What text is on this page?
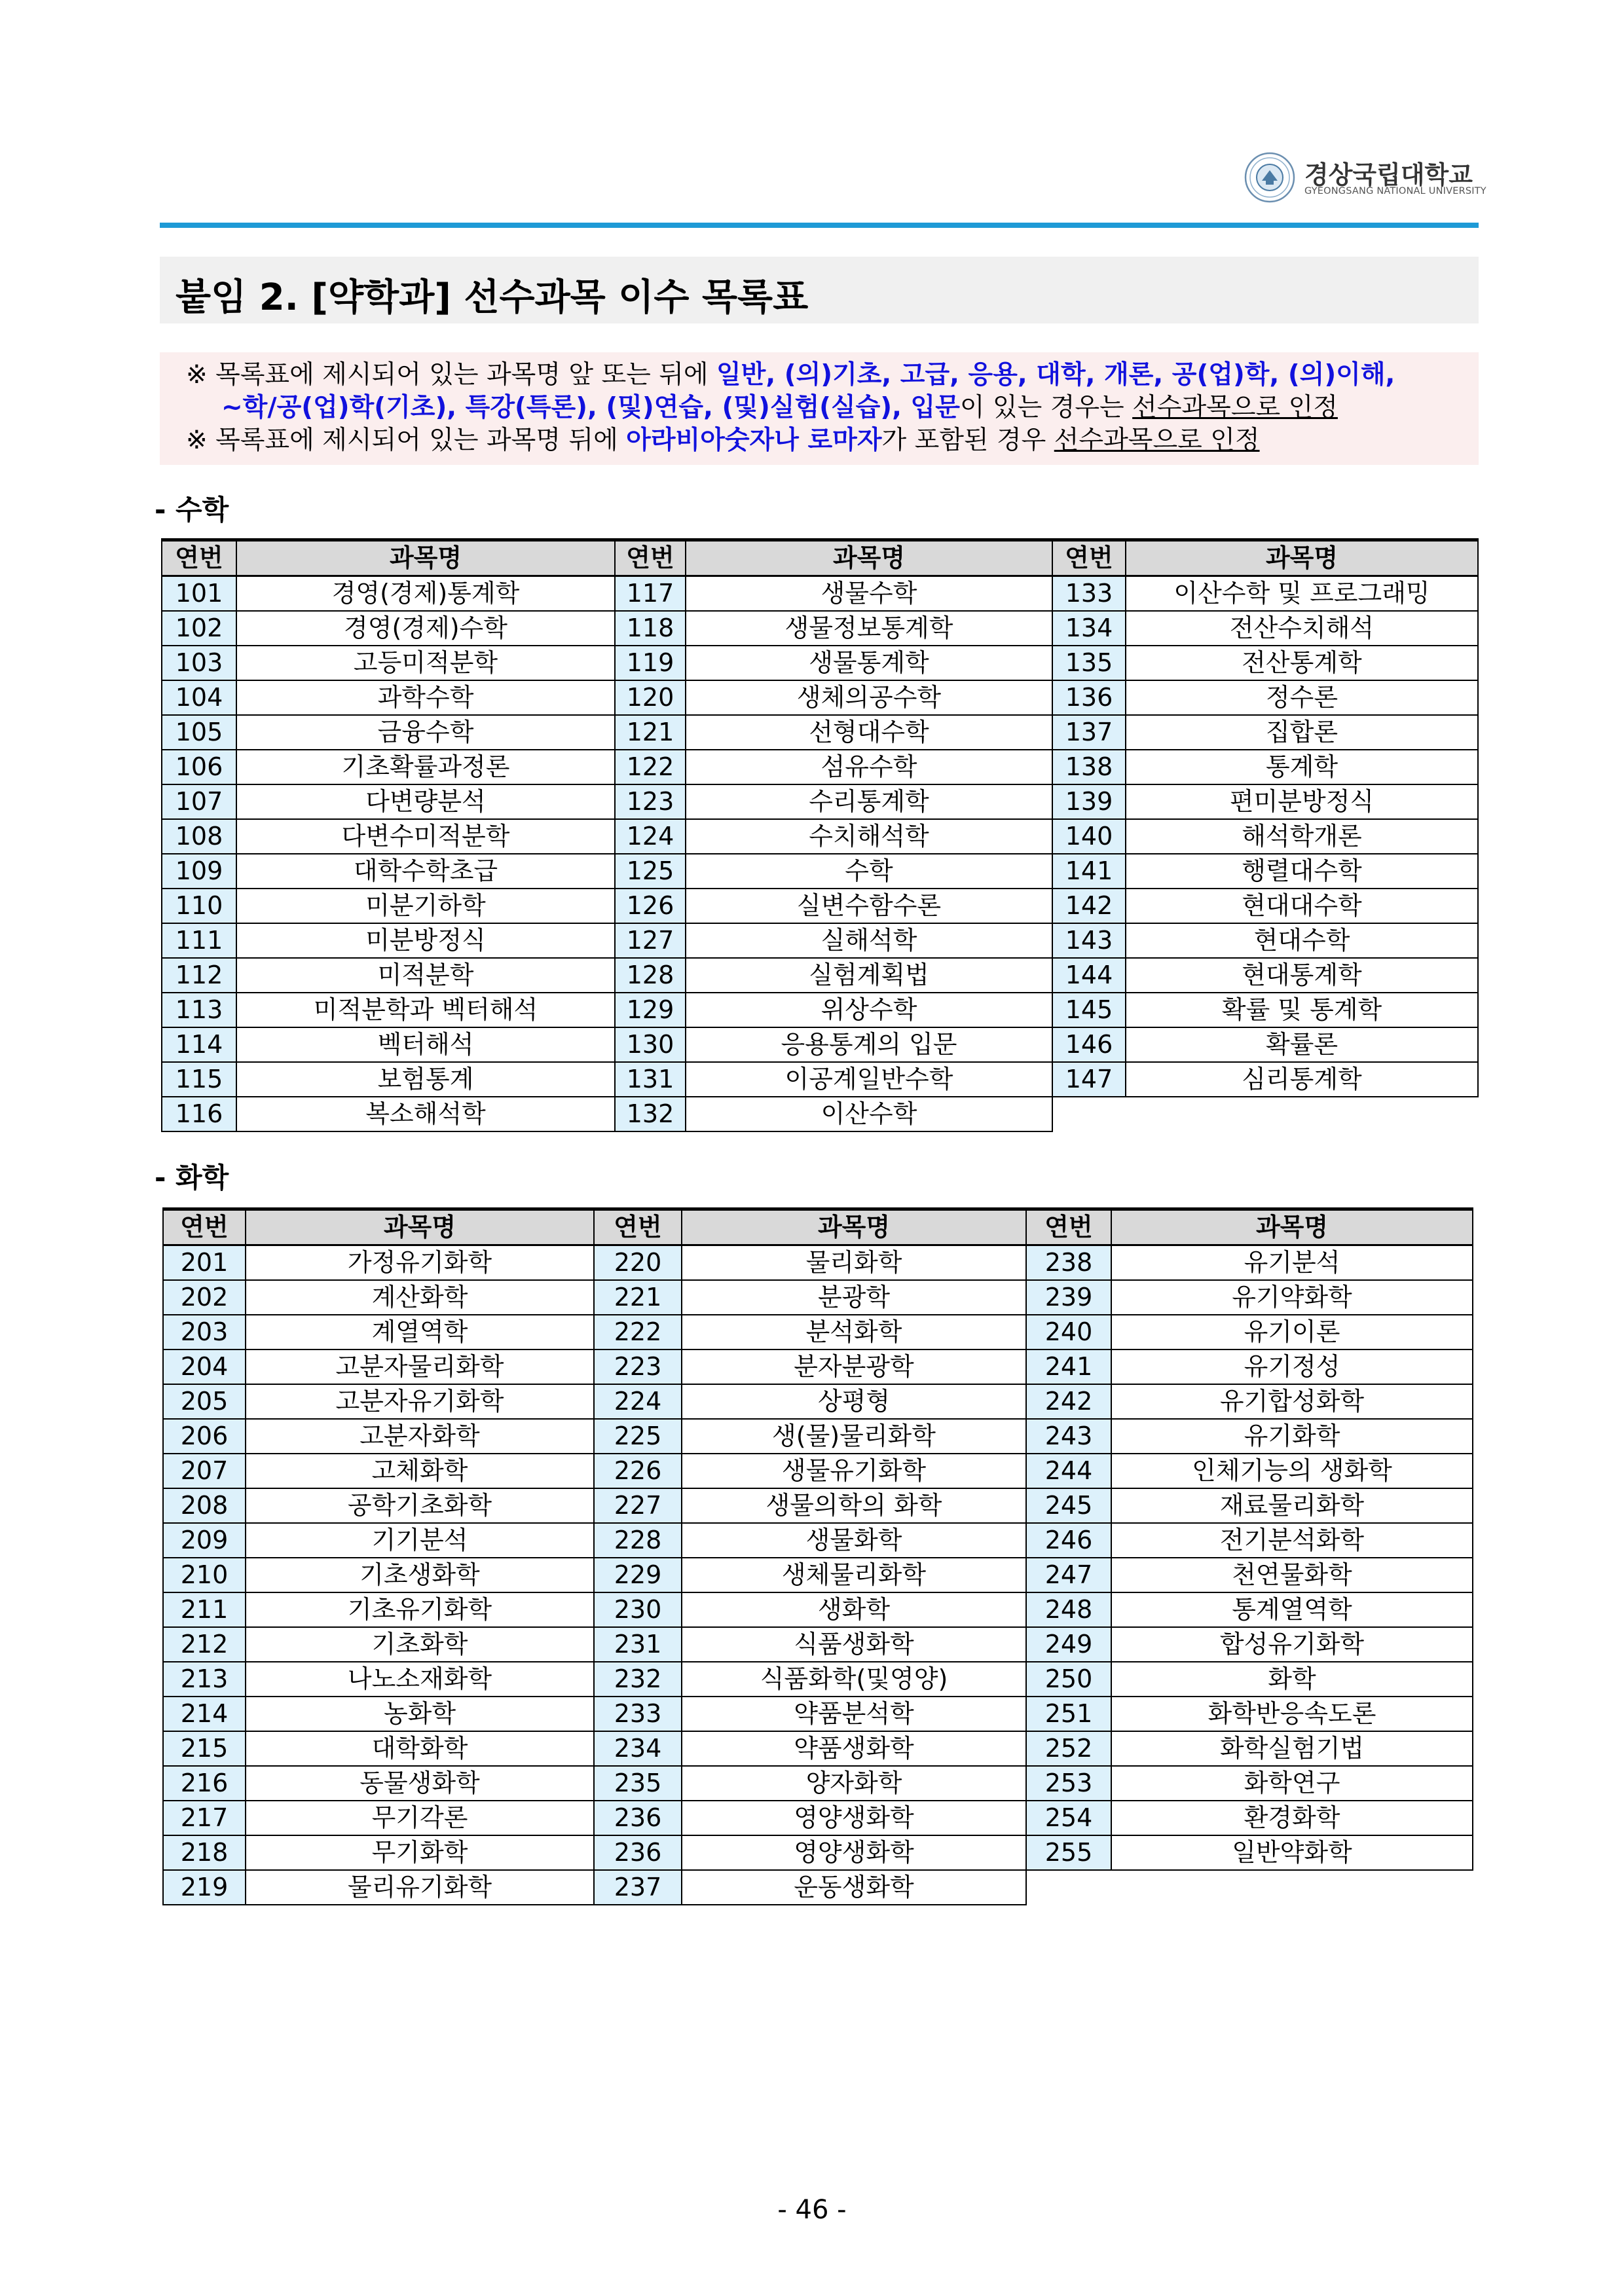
경상국립대학교
GYEONGSANG NATIONAL UNIVERSITY
붙임 2. [약학과] 선수과목 이수 목록표
※ 목록표에 제시되어 있는 과목명 앞 또는 뒤에 일반, (의)기초, 고급, 응용, 대학, 개론, 공(업)학, (의)이해,
~학/공(업)학(기초), 특강(특론), (및)연습, (및)실험(실습), 입문이 있는 경우는 선수과목으로 인정
※ 목록표에 제시되어 있는 과목명 뒤에 아라비아숫자나 로마자가 포함된 경우 선수과목으로 인정
- 수학
연번	과목명	연번	과목명	연번	과목명
101	경영(경제)통계학	117	생물수학	133	이산수학 및 프로그래밍
102	경영(경제)수학	118	생물정보통계학	134	전산수치해석
103	고등미적분학	119	생물통계학	135	전산통계학
104	과학수학	120	생체의공수학	136	정수론
105	금융수학	121	선형대수학	137	집합론
106	기초확률과정론	122	섬유수학	138	통계학
107	다변량분석	123	수리통계학	139	편미분방정식
108	다변수미적분학	124	수치해석학	140	해석학개론
109	대학수학초급	125	수학	141	행렬대수학
110	미분기하학	126	실변수함수론	142	현대대수학
111	미분방정식	127	실해석학	143	현대수학
112	미적분학	128	실험계획법	144	현대통계학
113	미적분학과 벡터해석	129	위상수학	145	확률 및 통계학
114	벡터해석	130	응용통계의 입문	146	확률론
115	보험통계	131	이공계일반수학	147	심리통계학
116	복소해석학	132	이산수학		
- 화학
연번	과목명	연번	과목명	연번	과목명
201	가정유기화학	220	물리화학	238	유기분석
202	계산화학	221	분광학	239	유기약화학
203	계열역학	222	분석화학	240	유기이론
204	고분자물리화학	223	분자분광학	241	유기정성
205	고분자유기화학	224	상평형	242	유기합성화학
206	고분자화학	225	생(물)물리화학	243	유기화학
207	고체화학	226	생물유기화학	244	인체기능의 생화학
208	공학기초화학	227	생물의학의 화학	245	재료물리화학
209	기기분석	228	생물화학	246	전기분석화학
210	기초생화학	229	생체물리화학	247	천연물화학
211	기초유기화학	230	생화학	248	통계열역학
212	기초화학	231	식품생화학	249	합성유기화학
213	나노소재화학	232	식품화학(및영양)	250	화학
214	농화학	233	약품분석학	251	화학반응속도론
215	대학화학	234	약품생화학	252	화학실험기법
216	동물생화학	235	양자화학	253	화학연구
217	무기각론	236	영양생화학	254	환경화학
218	무기화학	236	영양생화학	255	일반약화학
219	물리유기화학	237	운동생화학		
- 46 -
